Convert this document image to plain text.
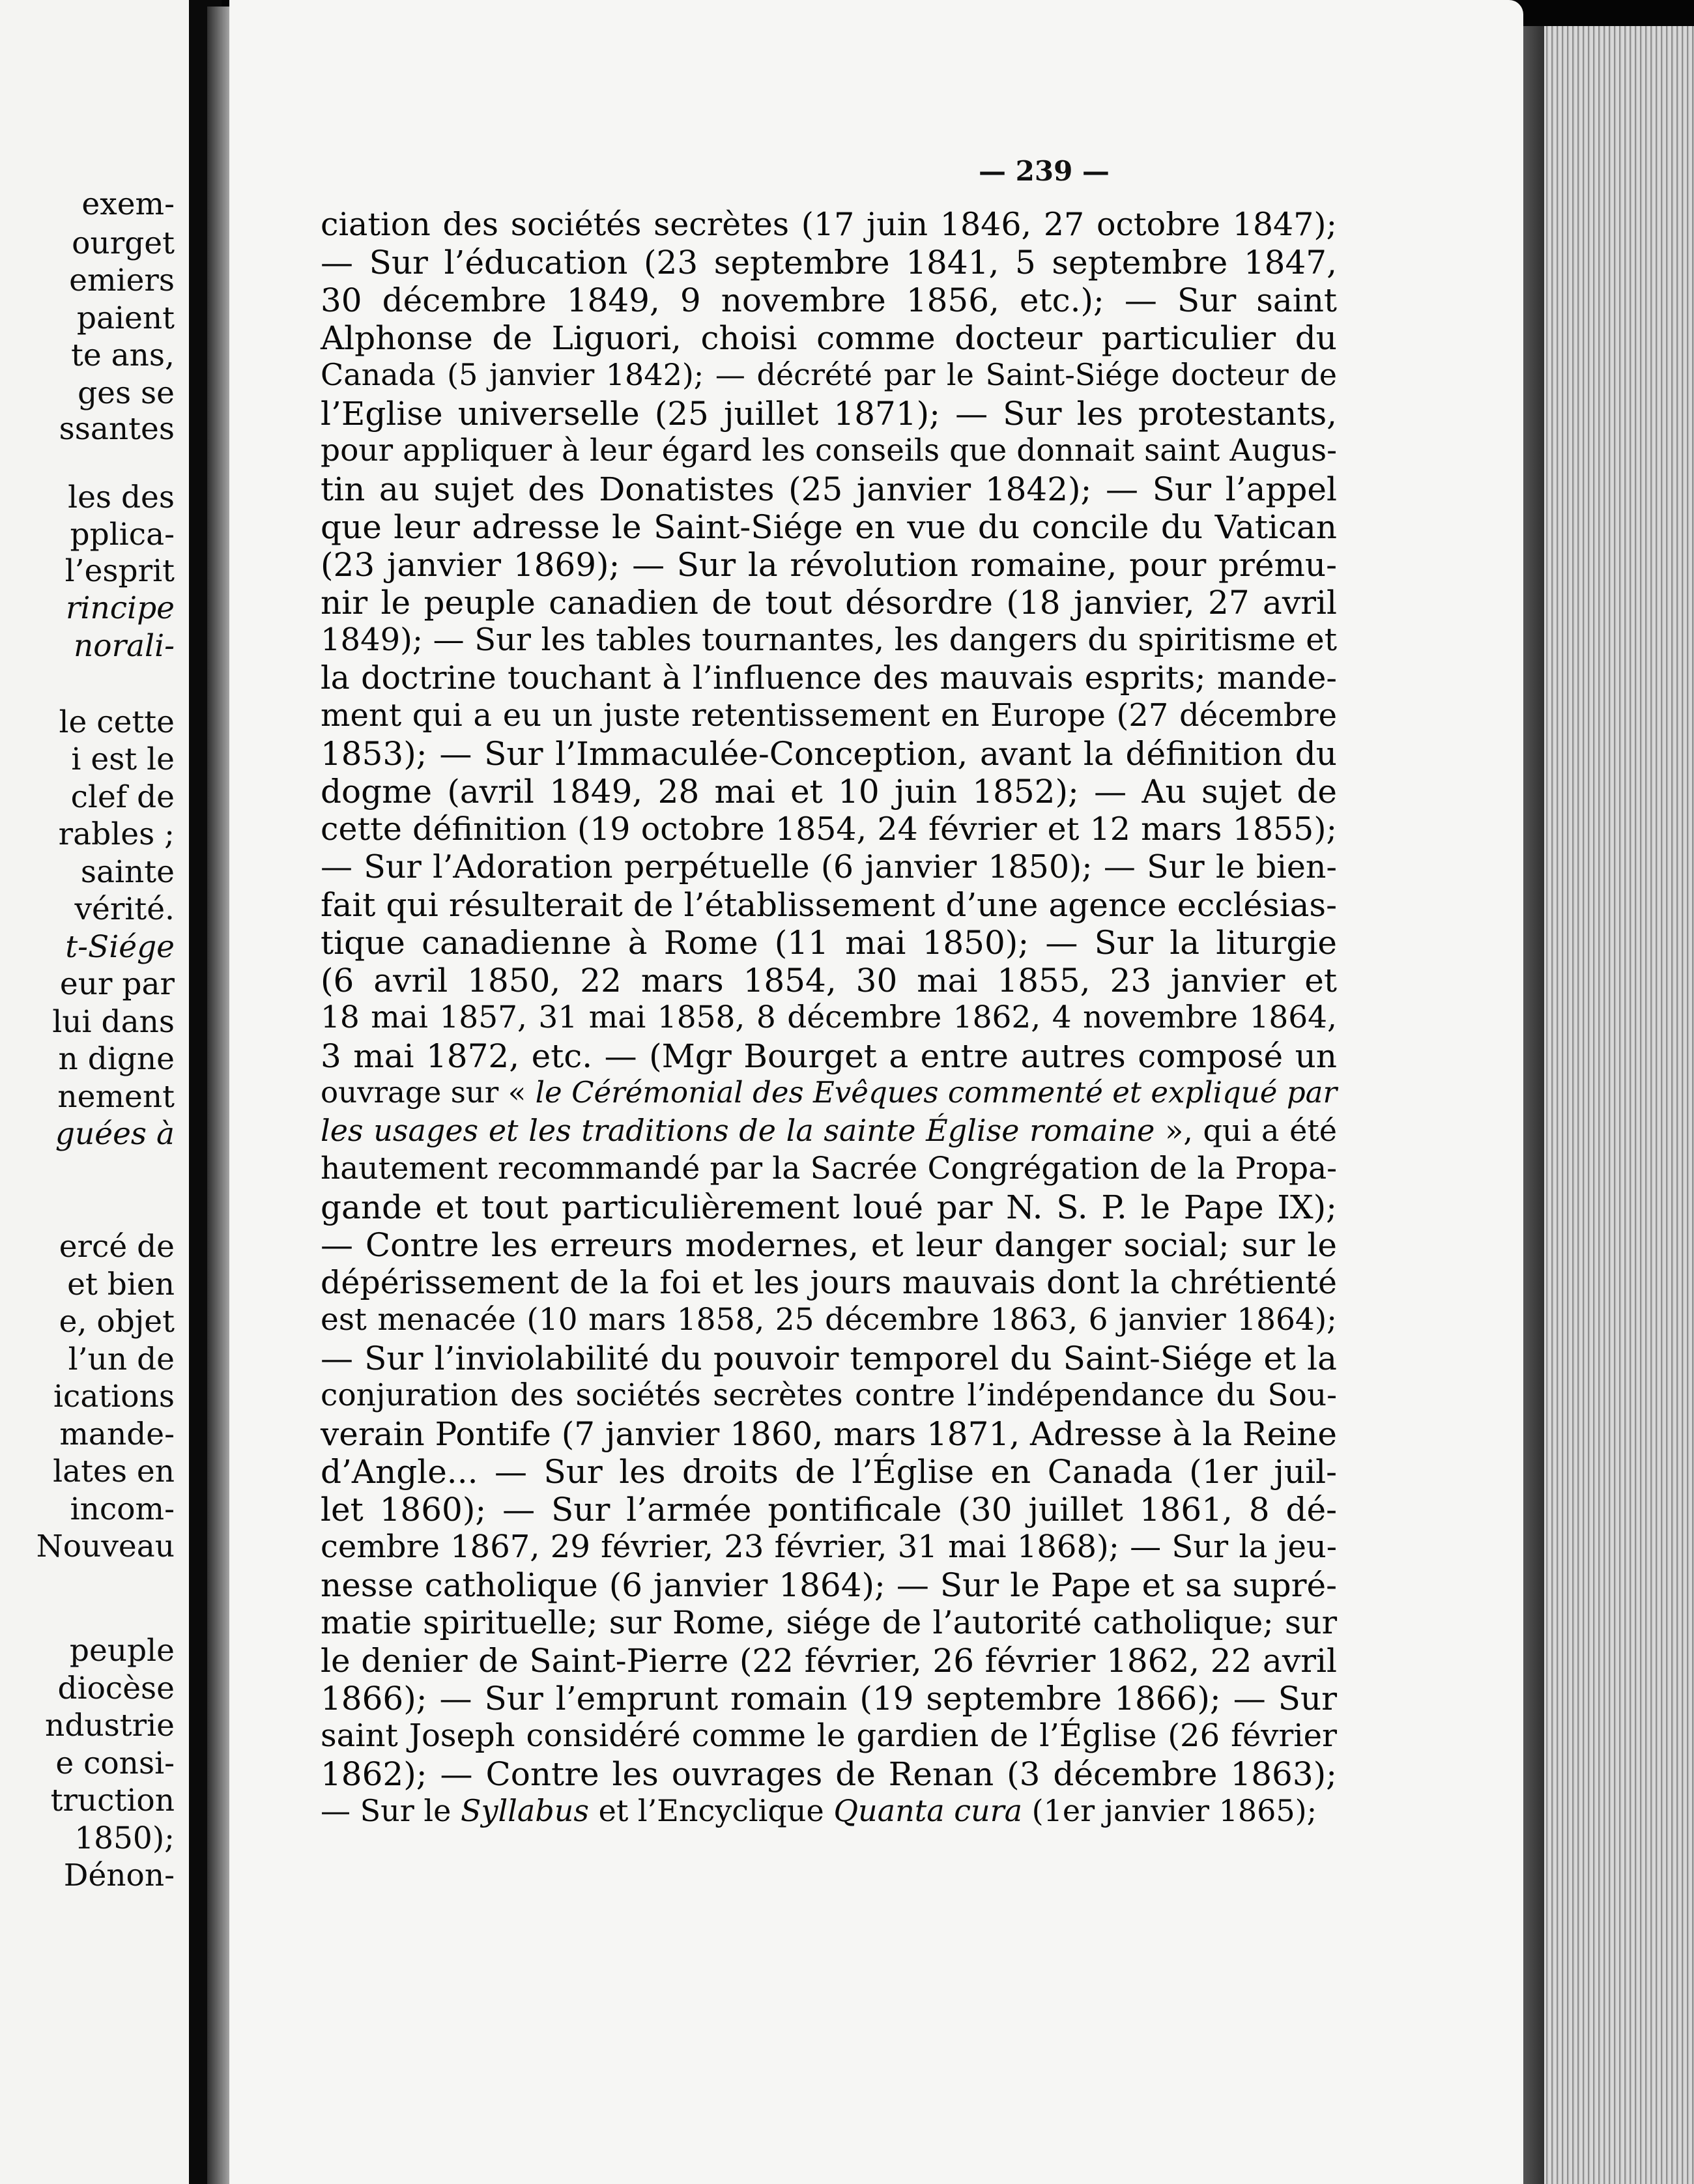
exem-
ourget
emiers
paient
te ans,
ges se
ssantes
les des
pplica-
l’esprit
rincipe
norali-
le cette
i est le
clef de
rables ;
sainte
vérité.
t-Siége
eur par
lui dans
n digne
nement
guées à
ercé de
et bien
e, objet
l’un de
ications
mande-
lates en
incom-
Nouveau
peuple
diocèse
ndustrie
e consi-
truction
1850);
Dénon-
— 239 —

ciation des sociétés secrètes (17 juin 1846, 27 octobre 1847);

— Sur l’éducation (23 septembre 1841, 5 septembre 1847,

30 décembre 1849, 9 novembre 1856, etc.); — Sur saint

Alphonse de Liguori, choisi comme docteur particulier du

Canada (5 janvier 1842); — décrété par le Saint-Siége docteur de

l’Eglise universelle (25 juillet 1871); — Sur les protestants,

pour appliquer à leur égard les conseils que donnait saint Augus-

tin au sujet des Donatistes (25 janvier 1842); — Sur l’appel

que leur adresse le Saint-Siége en vue du concile du Vatican

(23 janvier 1869); — Sur la révolution romaine, pour prému-

nir le peuple canadien de tout désordre (18 janvier, 27 avril

1849); — Sur les tables tournantes, les dangers du spiritisme et

la doctrine touchant à l’influence des mauvais esprits; mande-

ment qui a eu un juste retentissement en Europe (27 décembre

1853); — Sur l’Immaculée-Conception, avant la définition du

dogme (avril 1849, 28 mai et 10 juin 1852); — Au sujet de

cette définition (19 octobre 1854, 24 février et 12 mars 1855);

— Sur l’Adoration perpétuelle (6 janvier 1850); — Sur le bien-

fait qui résulterait de l’établissement d’une agence ecclésias-

tique canadienne à Rome (11 mai 1850); — Sur la liturgie

(6 avril 1850, 22 mars 1854, 30 mai 1855, 23 janvier et

18 mai 1857, 31 mai 1858, 8 décembre 1862, 4 novembre 1864,

3 mai 1872, etc. — (Mgr Bourget a entre autres composé un

ouvrage sur « le Cérémonial des Evêques commenté et expliqué par

les usages et les traditions de la sainte Église romaine », qui a été

hautement recommandé par la Sacrée Congrégation de la Propa-

gande et tout particulièrement loué par N. S. P. le Pape IX);

— Contre les erreurs modernes, et leur danger social; sur le

dépérissement de la foi et les jours mauvais dont la chrétienté

est menacée (10 mars 1858, 25 décembre 1863, 6 janvier 1864);

— Sur l’inviolabilité du pouvoir temporel du Saint-Siége et la

conjuration des sociétés secrètes contre l’indépendance du Sou-

verain Pontife (7 janvier 1860, mars 1871, Adresse à la Reine

d’Angle... — Sur les droits de l’Église en Canada (1er juil-

let 1860); — Sur l’armée pontificale (30 juillet 1861, 8 dé-

cembre 1867, 29 février, 23 février, 31 mai 1868); — Sur la jeu-

nesse catholique (6 janvier 1864); — Sur le Pape et sa supré-

matie spirituelle; sur Rome, siége de l’autorité catholique; sur

le denier de Saint-Pierre (22 février, 26 février 1862, 22 avril

1866); — Sur l’emprunt romain (19 septembre 1866); — Sur

saint Joseph considéré comme le gardien de l’Église (26 février

1862); — Contre les ouvrages de Renan (3 décembre 1863);

— Sur le Syllabus et l’Encyclique Quanta cura (1er janvier 1865);
